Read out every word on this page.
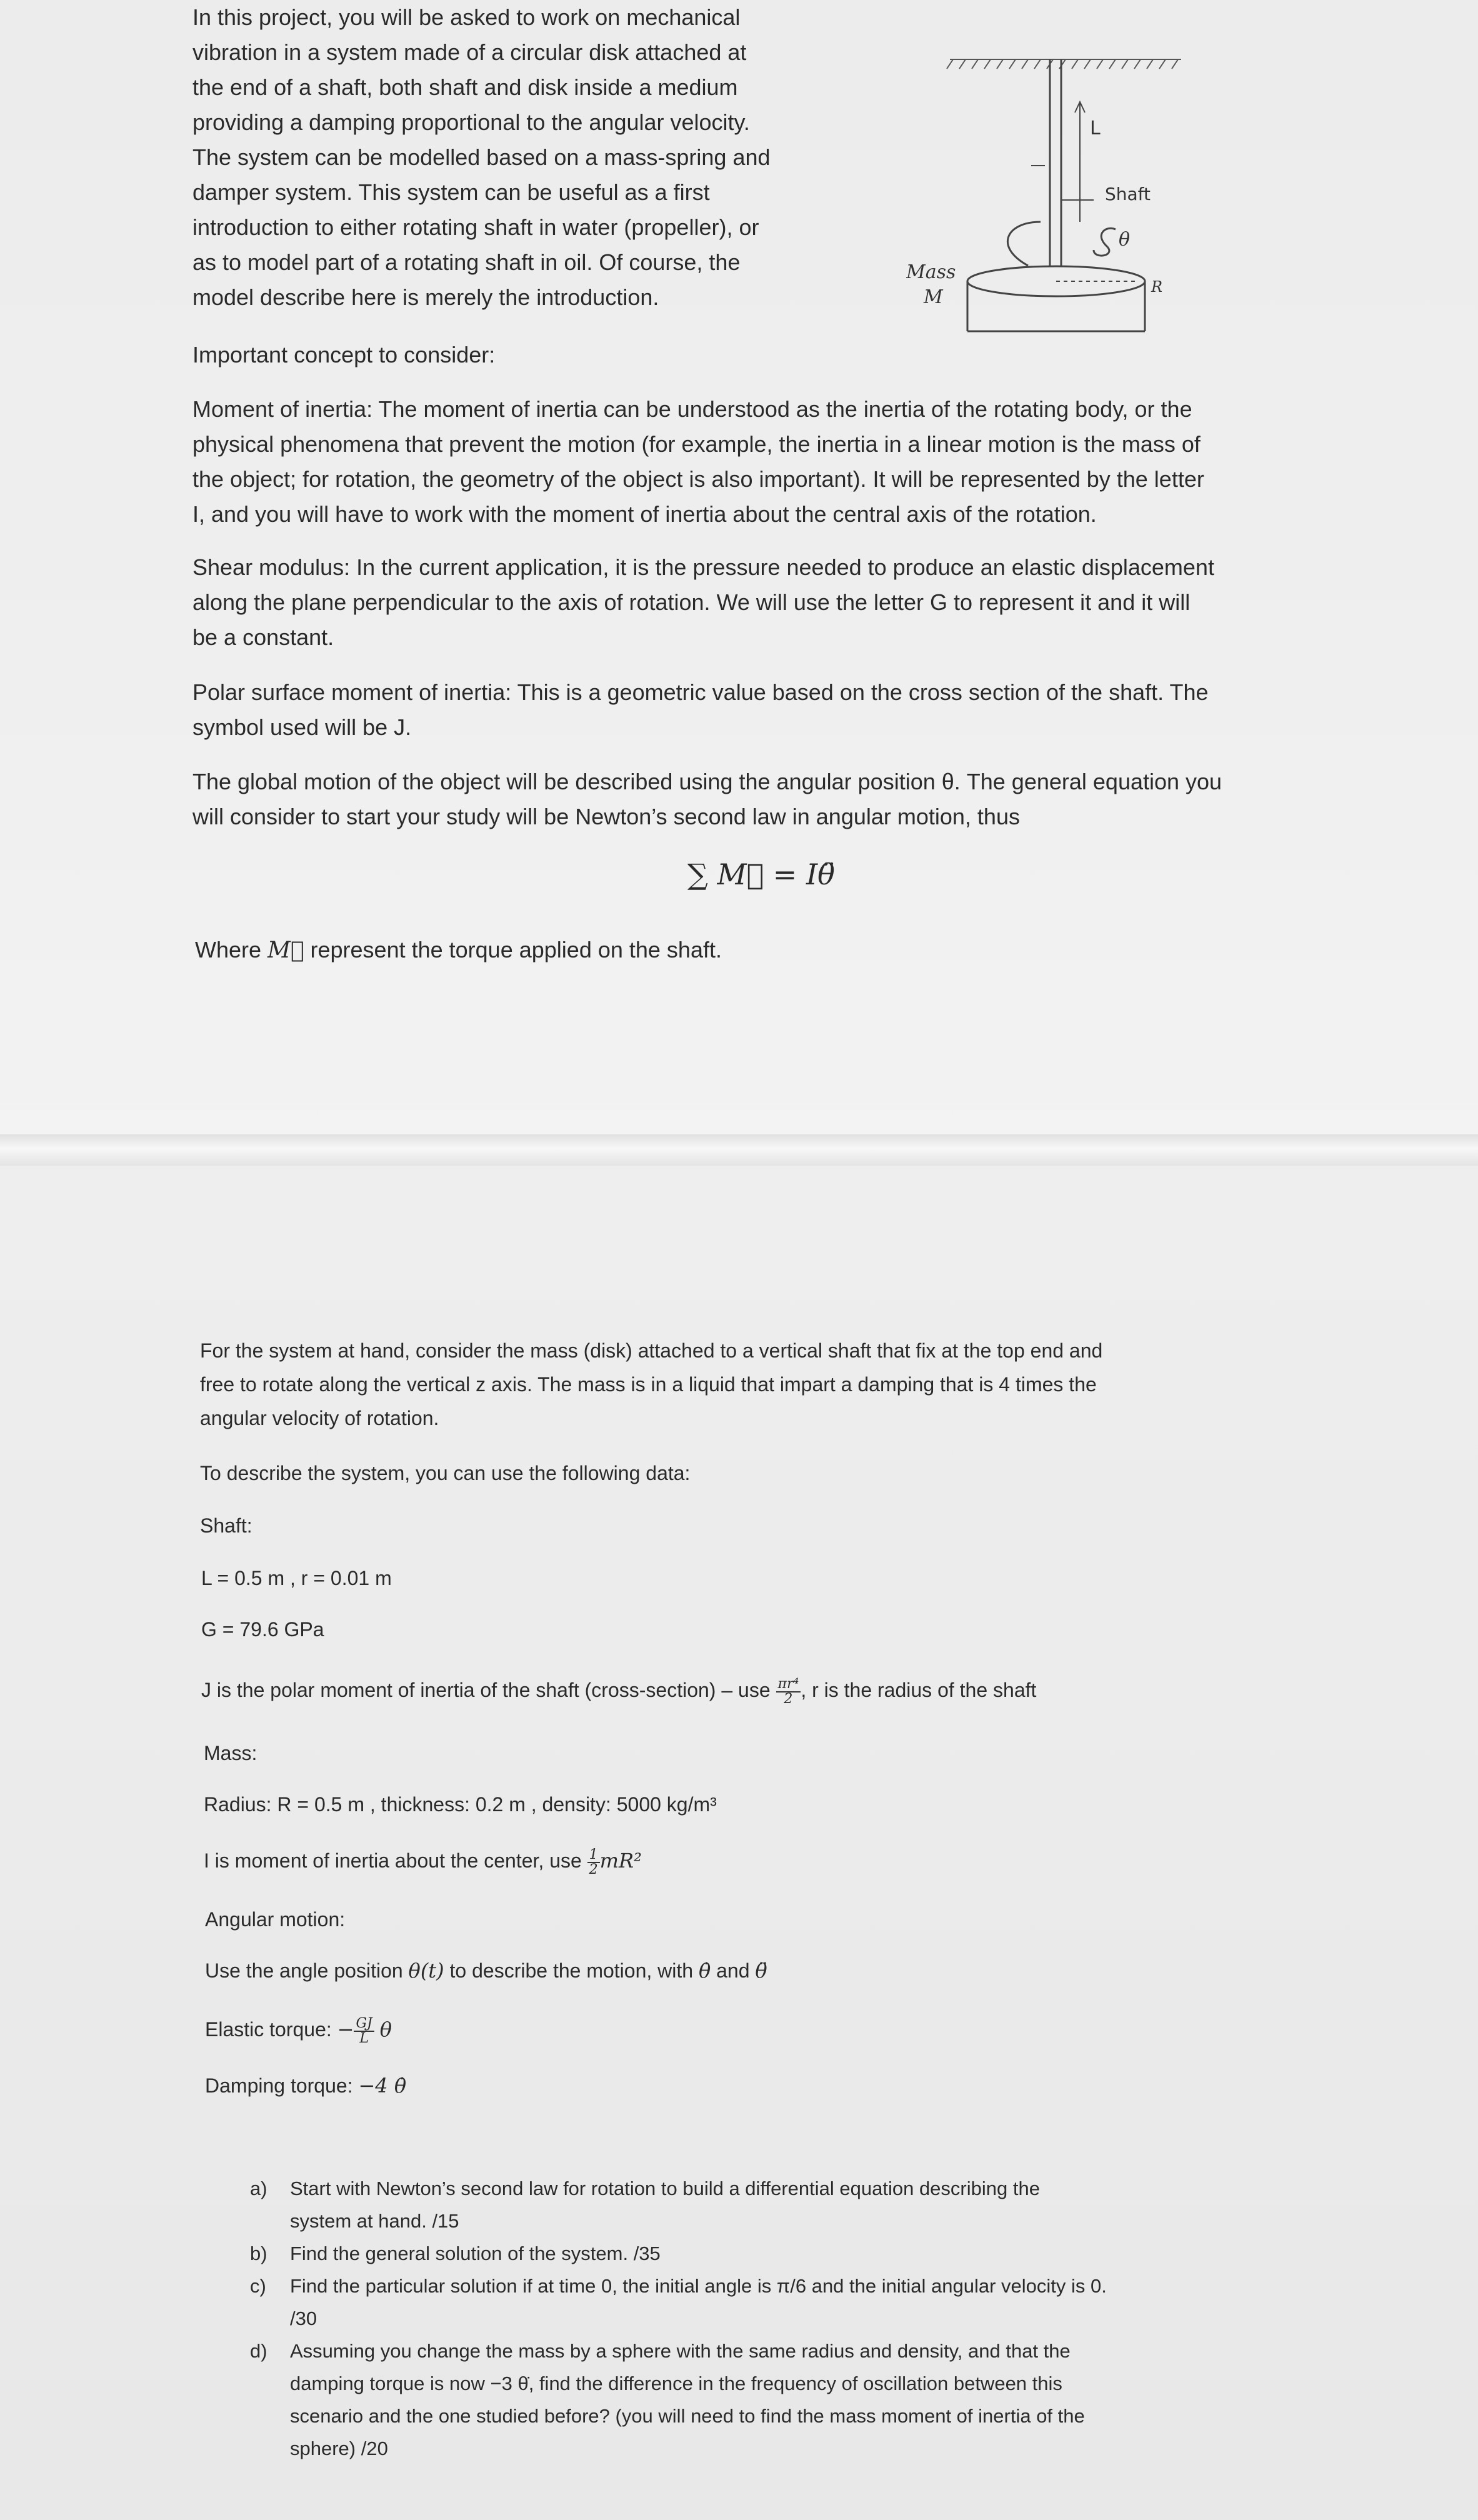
In this project, you will be asked to work on mechanical
vibration in a system made of a circular disk attached at
the end of a shaft, both shaft and disk inside a medium
providing a damping proportional to the angular velocity.
The system can be modelled based on a mass-spring and
damper system. This system can be useful as a first
introduction to either rotating shaft in water (propeller), or
as to model part of a rotating shaft in oil. Of course, the
model describe here is merely the introduction.
L
Shaft
θ
Mass
M	R
Important concept to consider:
Moment of inertia: The moment of inertia can be understood as the inertia of the rotating body, or the
physical phenomena that prevent the motion (for example, the inertia in a linear motion is the mass of
the object; for rotation, the geometry of the object is also important). It will be represented by the letter
I, and you will have to work with the moment of inertia about the central axis of the rotation.
Shear modulus: In the current application, it is the pressure needed to produce an elastic displacement
along the plane perpendicular to the axis of rotation. We will use the letter G to represent it and it will
be a constant.
Polar surface moment of inertia: This is a geometric value based on the cross section of the shaft. The
symbol used will be J.
The global motion of the object will be described using the angular position θ. The general equation you
will consider to start your study will be Newton’s second law in angular motion, thus
∑ M⃗ = Iθ̈
Where M⃗ represent the torque applied on the shaft.
For the system at hand, consider the mass (disk) attached to a vertical shaft that fix at the top end and
free to rotate along the vertical z axis. The mass is in a liquid that impart a damping that is 4 times the
angular velocity of rotation.
To describe the system, you can use the following data:
Shaft:
L = 0.5 m , r = 0.01 m
G = 79.6 GPa
J is the polar moment of inertia of the shaft (cross-section) – use $\frac{\text{πr⁴}}{2}$ , r is the radius of the shaft
Mass:
Radius: R = 0.5 m , thickness: 0.2 m , density: 5000 kg/m³
I is moment of inertia about the center, use $\frac{1}{2} mR^2$
Angular motion:
Use the angle position θ(t) to describe the motion, with θ̇ and θ̈
Elastic torque: − $\frac{GJ}{L}$ θ
Damping torque: −4 θ̇
a) Start with Newton’s second law for rotation to build a differential equation describing the
system at hand. /15
b) Find the general solution of the system. /35
c) Find the particular solution if at time 0, the initial angle is π/6 and the initial angular velocity is 0.
/30
d) Assuming you change the mass by a sphere with the same radius and density, and that the
damping torque is now −3 θ̇, find the difference in the frequency of oscillation between this
scenario and the one studied before? (you will need to find the mass moment of inertia of the
sphere) /20
